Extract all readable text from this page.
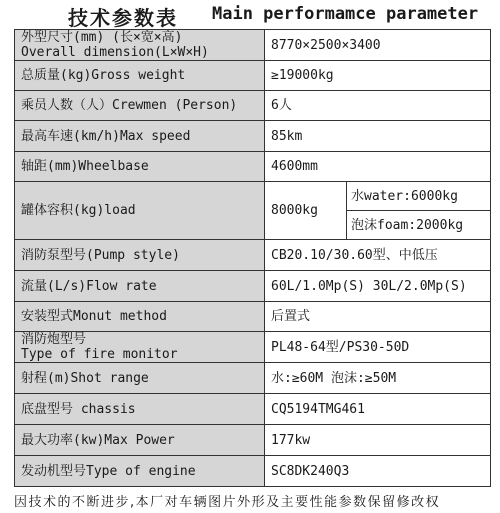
技术参数表 Main performamce parameter
外型尺寸(mm) (长×宽×高)
Overall dimension(L×W×H)	8770×2500×3400	
总质量(kg)Gross weight	≥19000kg	
乘员人数（人）Crewmen (Person)	6人	
最高车速(km/h)Max speed	85km	
轴距(mm)Wheelbase	4600mm	
罐体容积(kg)load	8000kg	水water:6000kg
		泡沫foam:2000kg
消防泵型号(Pump style)	CB20.10/30.60型、中低压	
流量(L/s)Flow rate	60L/1.0Mp(S) 30L/2.0Mp(S)	
安装型式Monut method	后置式	

消防炮型号
Type of fire monitor	PL48-64型/PS30-50D	
射程(m)Shot range	水:≥60M 泡沫:≥50M	
底盘型号 chassis	CQ5194TMG461	
最大功率(kw)Max Power	177kw	
发动机型号Type of engine	SC8DK240Q3	
因技术的不断进步,本厂对车辆图片外形及主要性能参数保留修改权
